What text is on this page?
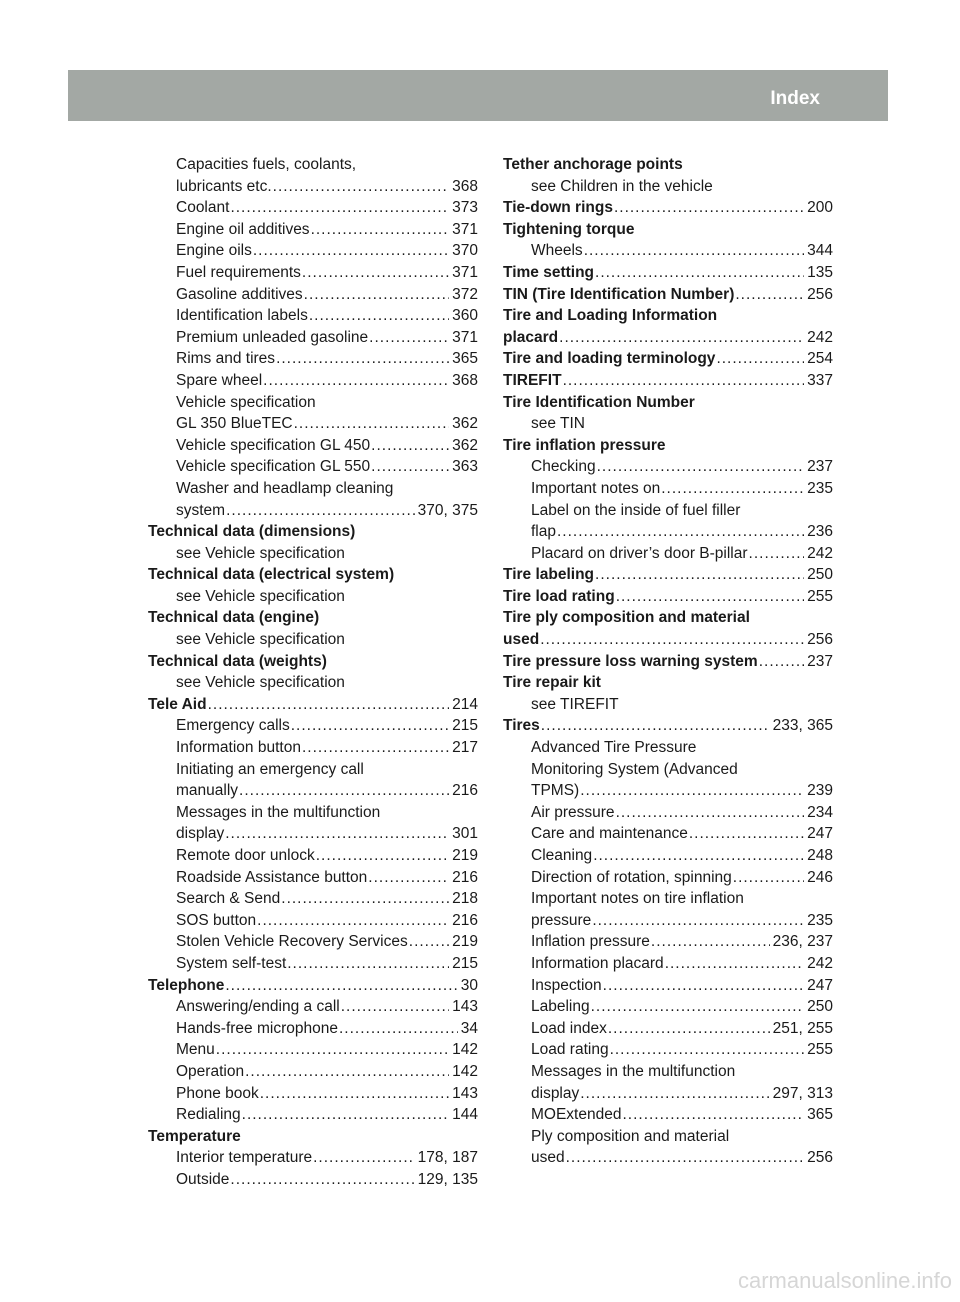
Index	17
Capacities fuels, coolants,
lubricants etc. .....	368
Coolant .....	373
Engine oil additives .....	371
Engine oils .....	370
Fuel requirements .....	371
Gasoline additives .....	372
Identification labels .....	360
Premium unleaded gasoline .....	371
Rims and tires .....	365
Spare wheel .....	368
Vehicle specification
GL 350 BlueTEC .....	362
Vehicle specification GL 450 .....	362
Vehicle specification GL 550 .....	363
Washer and headlamp cleaning
system .....	370, 375
Technical data (dimensions)
see Vehicle specification
Technical data (electrical system)
see Vehicle specification
Technical data (engine)
see Vehicle specification
Technical data (weights)
see Vehicle specification
Tele Aid .....	214
Emergency calls .....	215
Information button .....	217
Initiating an emergency call
manually .....	216
Messages in the multifunction
display .....	301
Remote door unlock .....	219
Roadside Assistance button .....	216
Search & Send .....	218
SOS button .....	216
Stolen Vehicle Recovery Services .....	219
System self-test .....	215
Telephone .....	30
Answering/ending a call .....	143
Hands-free microphone .....	34
Menu .....	142
Operation .....	142
Phone book .....	143
Redialing .....	144
Temperature
Interior temperature .....	178, 187
Outside .....	129, 135
Tether anchorage points
see Children in the vehicle
Tie-down rings .....	200
Tightening torque
Wheels .....	344
Time setting .....	135
TIN (Tire Identification Number) .....	256
Tire and Loading Information
placard .....	242
Tire and loading terminology .....	254
TIREFIT .....	337
Tire Identification Number
see TIN
Tire inflation pressure
Checking .....	237
Important notes on .....	235
Label on the inside of fuel filler
flap .....	236
Placard on driver’s door B-pillar .....	242
Tire labeling .....	250
Tire load rating .....	255
Tire ply composition and material
used .....	256
Tire pressure loss warning system .....	237
Tire repair kit
see TIREFIT
Tires .....	233, 365
Advanced Tire Pressure
Monitoring System (Advanced
TPMS) .....	239
Air pressure .....	234
Care and maintenance .....	247
Cleaning .....	248
Direction of rotation, spinning .....	246
Important notes on tire inflation
pressure .....	235
Inflation pressure .....	236, 237
Information placard .....	242
Inspection .....	247
Labeling .....	250
Load index .....	251, 255
Load rating .....	255
Messages in the multifunction
display .....	297, 313
MOExtended .....	365
Ply composition and material
used .....	256
carmanualsonline.info
